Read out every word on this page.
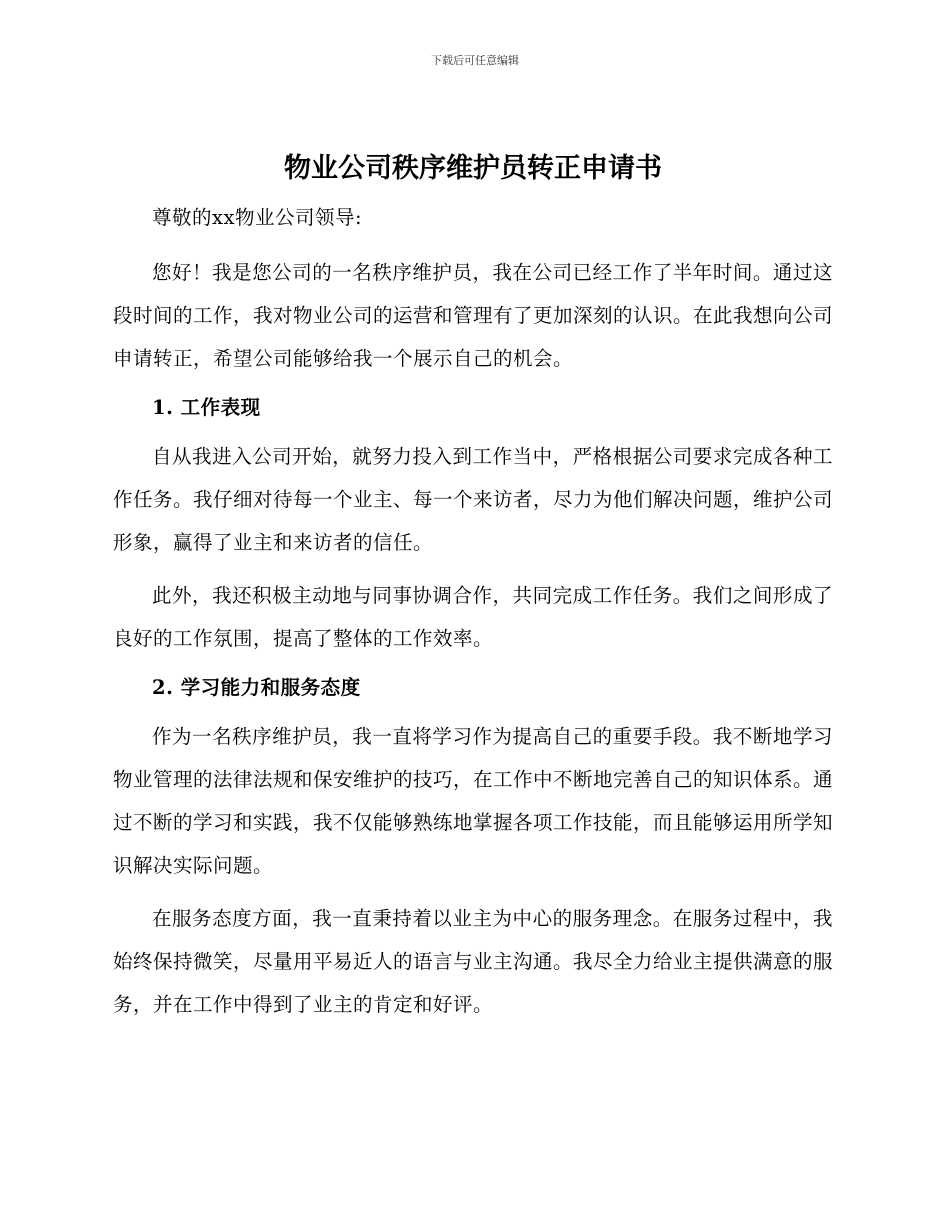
下载后可任意编辑
物业公司秩序维护员转正申请书

尊敬的xx物业公司领导:

您好！我是您公司的一名秩序维护员，我在公司已经工作了半年时间。通过这段时间的工作，我对物业公司的运营和管理有了更加深刻的认识。在此我想向公司申请转正，希望公司能够给我一个展示自己的机会。

1. 工作表现

自从我进入公司开始，就努力投入到工作当中，严格根据公司要求完成各种工作任务。我仔细对待每一个业主、每一个来访者，尽力为他们解决问题，维护公司形象，赢得了业主和来访者的信任。

此外，我还积极主动地与同事协调合作，共同完成工作任务。我们之间形成了良好的工作氛围，提高了整体的工作效率。

2. 学习能力和服务态度

作为一名秩序维护员，我一直将学习作为提高自己的重要手段。我不断地学习物业管理的法律法规和保安维护的技巧，在工作中不断地完善自己的知识体系。通过不断的学习和实践，我不仅能够熟练地掌握各项工作技能，而且能够运用所学知识解决实际问题。

在服务态度方面，我一直秉持着以业主为中心的服务理念。在服务过程中，我始终保持微笑，尽量用平易近人的语言与业主沟通。我尽全力给业主提供满意的服务，并在工作中得到了业主的肯定和好评。
